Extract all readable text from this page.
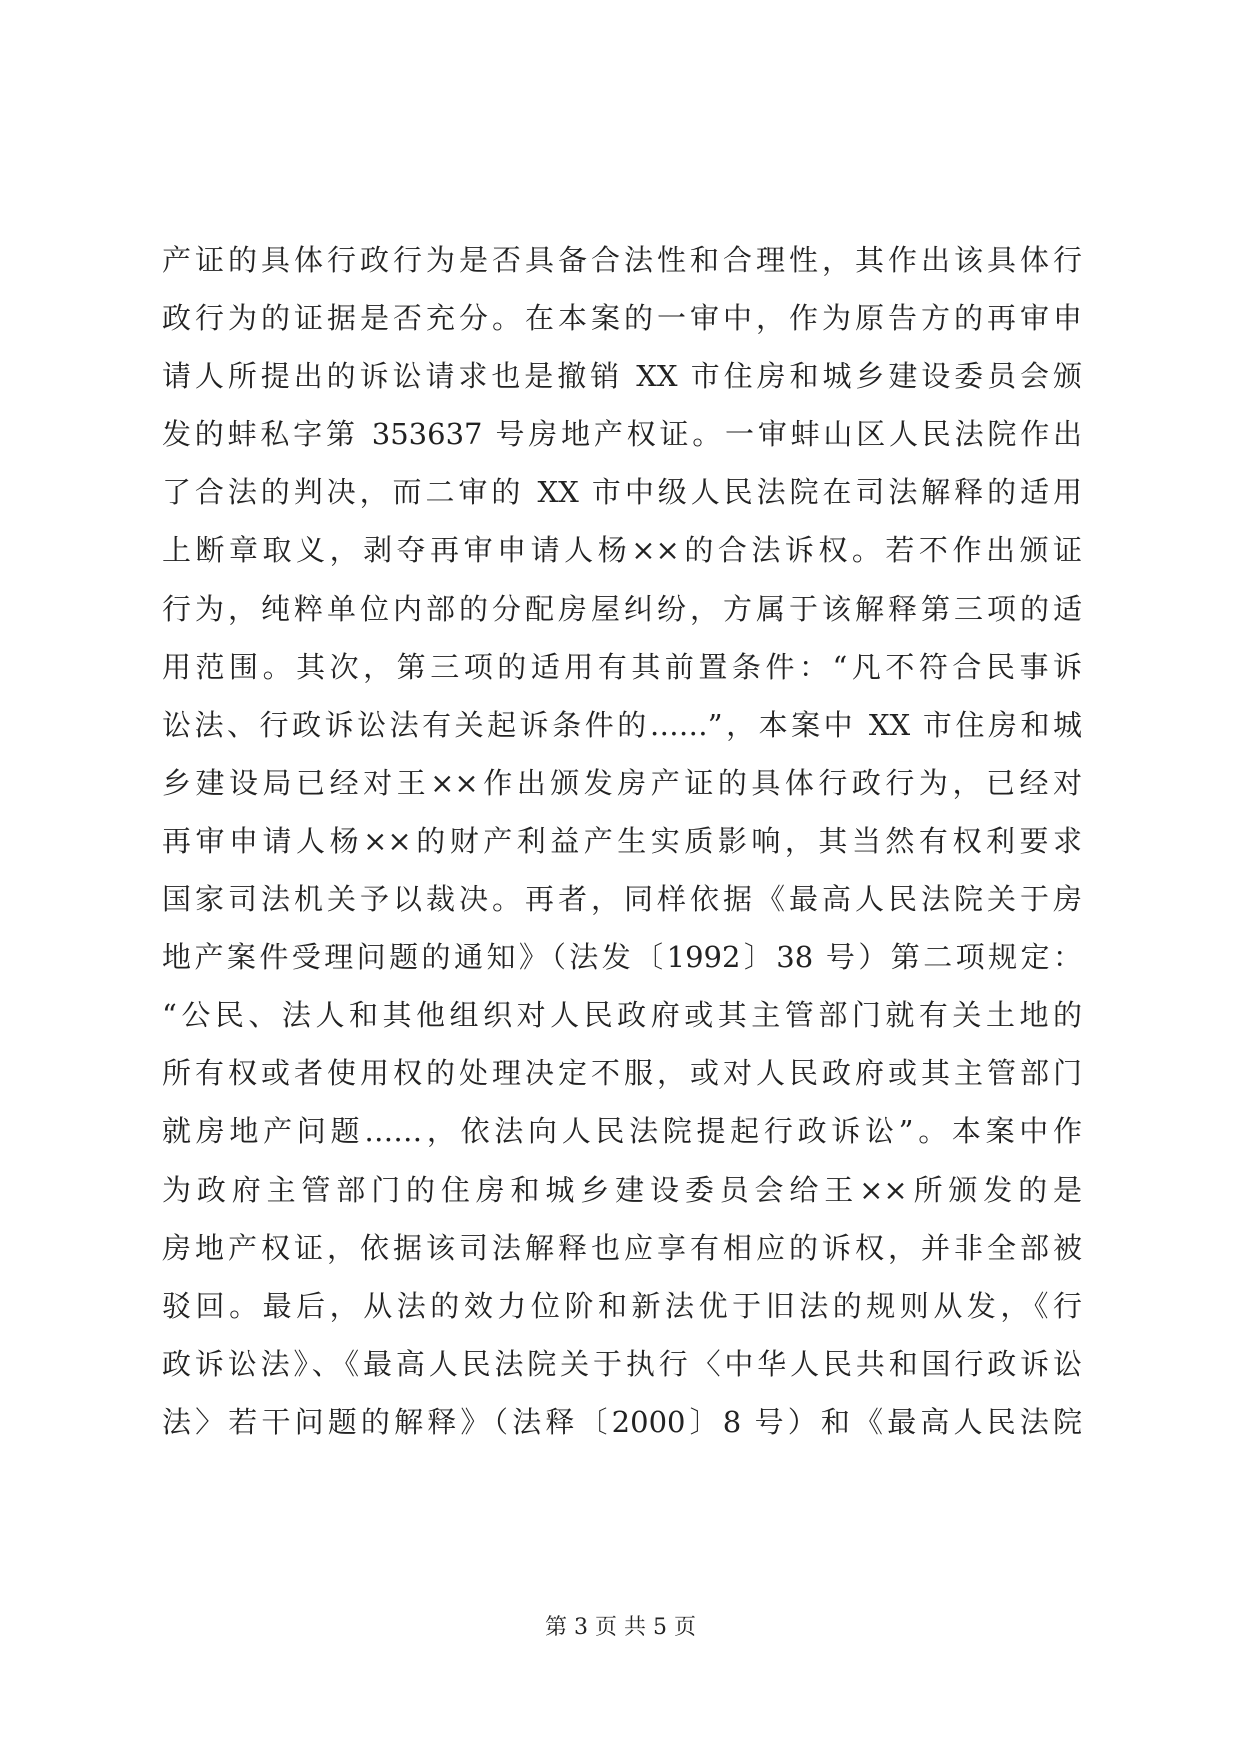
产证的具体行政行为是否具备合法性和合理性，其作出该具体行
政行为的证据是否充分。在本案的一审中，作为原告方的再审申
请人所提出的诉讼请求也是撤销 XX 市住房和城乡建设委员会颁
发的蚌私字第 353637 号房地产权证。一审蚌山区人民法院作出
了合法的判决，而二审的 XX 市中级人民法院在司法解释的适用
上断章取义，剥夺再审申请人杨××的合法诉权。若不作出颁证
行为，纯粹单位内部的分配房屋纠纷，方属于该解释第三项的适
用范围。其次，第三项的适用有其前置条件：“凡不符合民事诉
讼法、行政诉讼法有关起诉条件的……”，本案中 XX 市住房和城
乡建设局已经对王××作出颁发房产证的具体行政行为，已经对
再审申请人杨××的财产利益产生实质影响，其当然有权利要求
国家司法机关予以裁决。再者，同样依据《最高人民法院关于房
地产案件受理问题的通知》（法发〔1992〕38 号）第二项规定：
“公民、法人和其他组织对人民政府或其主管部门就有关土地的
所有权或者使用权的处理决定不服，或对人民政府或其主管部门
就房地产问题……，依法向人民法院提起行政诉讼”。本案中作
为政府主管部门的住房和城乡建设委员会给王××所颁发的是
房地产权证，依据该司法解释也应享有相应的诉权，并非全部被
驳回。最后，从法的效力位阶和新法优于旧法的规则从发，《行
政诉讼法》、《最高人民法院关于执行〈中华人民共和国行政诉讼
法〉若干问题的解释》（法释〔2000〕8 号）和《最高人民法院
第 3 页 共 5 页
